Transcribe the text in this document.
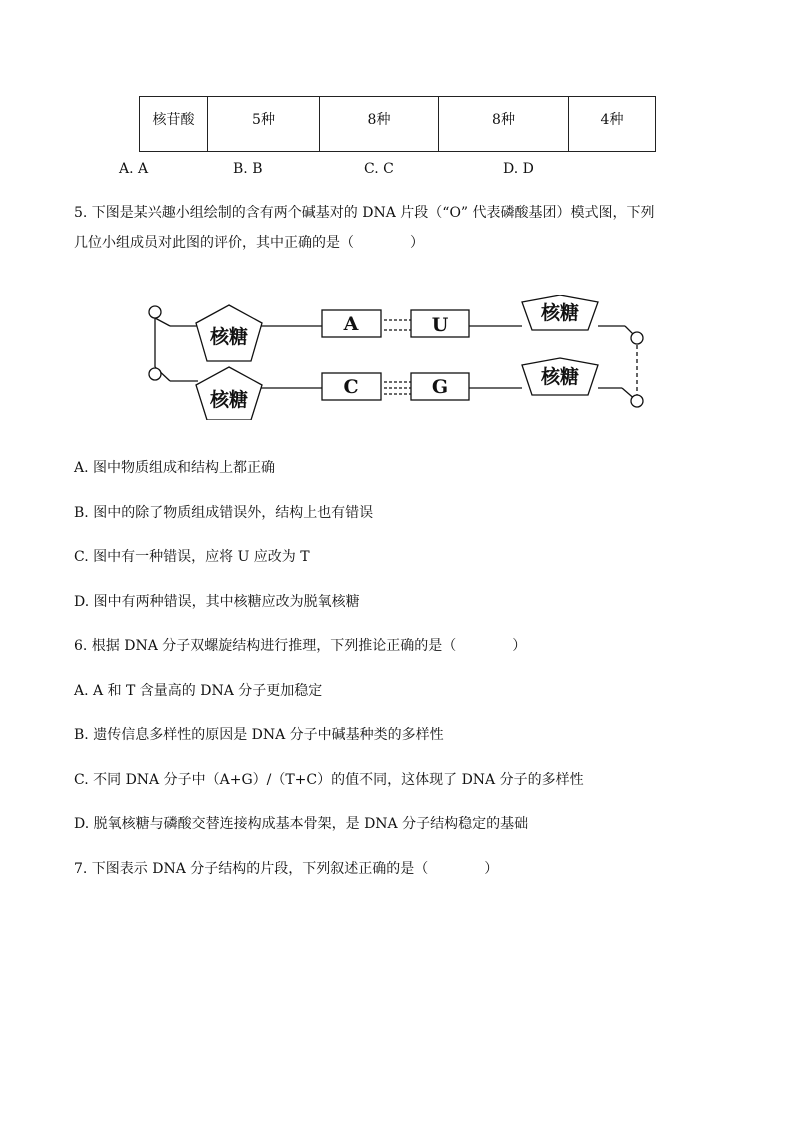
核苷酸	5种	8种	8种	4种
A. A	B. B	C. C	D. D
5. 下图是某兴趣小组绘制的含有两个碱基对的 DNA 片段（“O” 代表磷酸基团）模式图，下列
几位小组成员对此图的评价，其中正确的是（　　　　）
核糖
核糖
核糖
核糖
A	U
C	G
A. 图中物质组成和结构上都正确
B. 图中的除了物质组成错误外，结构上也有错误
C. 图中有一种错误，应将 U 应改为 T
D. 图中有两种错误，其中核糖应改为脱氧核糖
6. 根据 DNA 分子双螺旋结构进行推理，下列推论正确的是（　　　　）
A. A 和 T 含量高的 DNA 分子更加稳定
B. 遗传信息多样性的原因是 DNA 分子中碱基种类的多样性
C. 不同 DNA 分子中（A+G）/（T+C）的值不同，这体现了 DNA 分子的多样性
D. 脱氧核糖与磷酸交替连接构成基本骨架，是 DNA 分子结构稳定的基础
7. 下图表示 DNA 分子结构的片段，下列叙述正确的是（　　　　）
